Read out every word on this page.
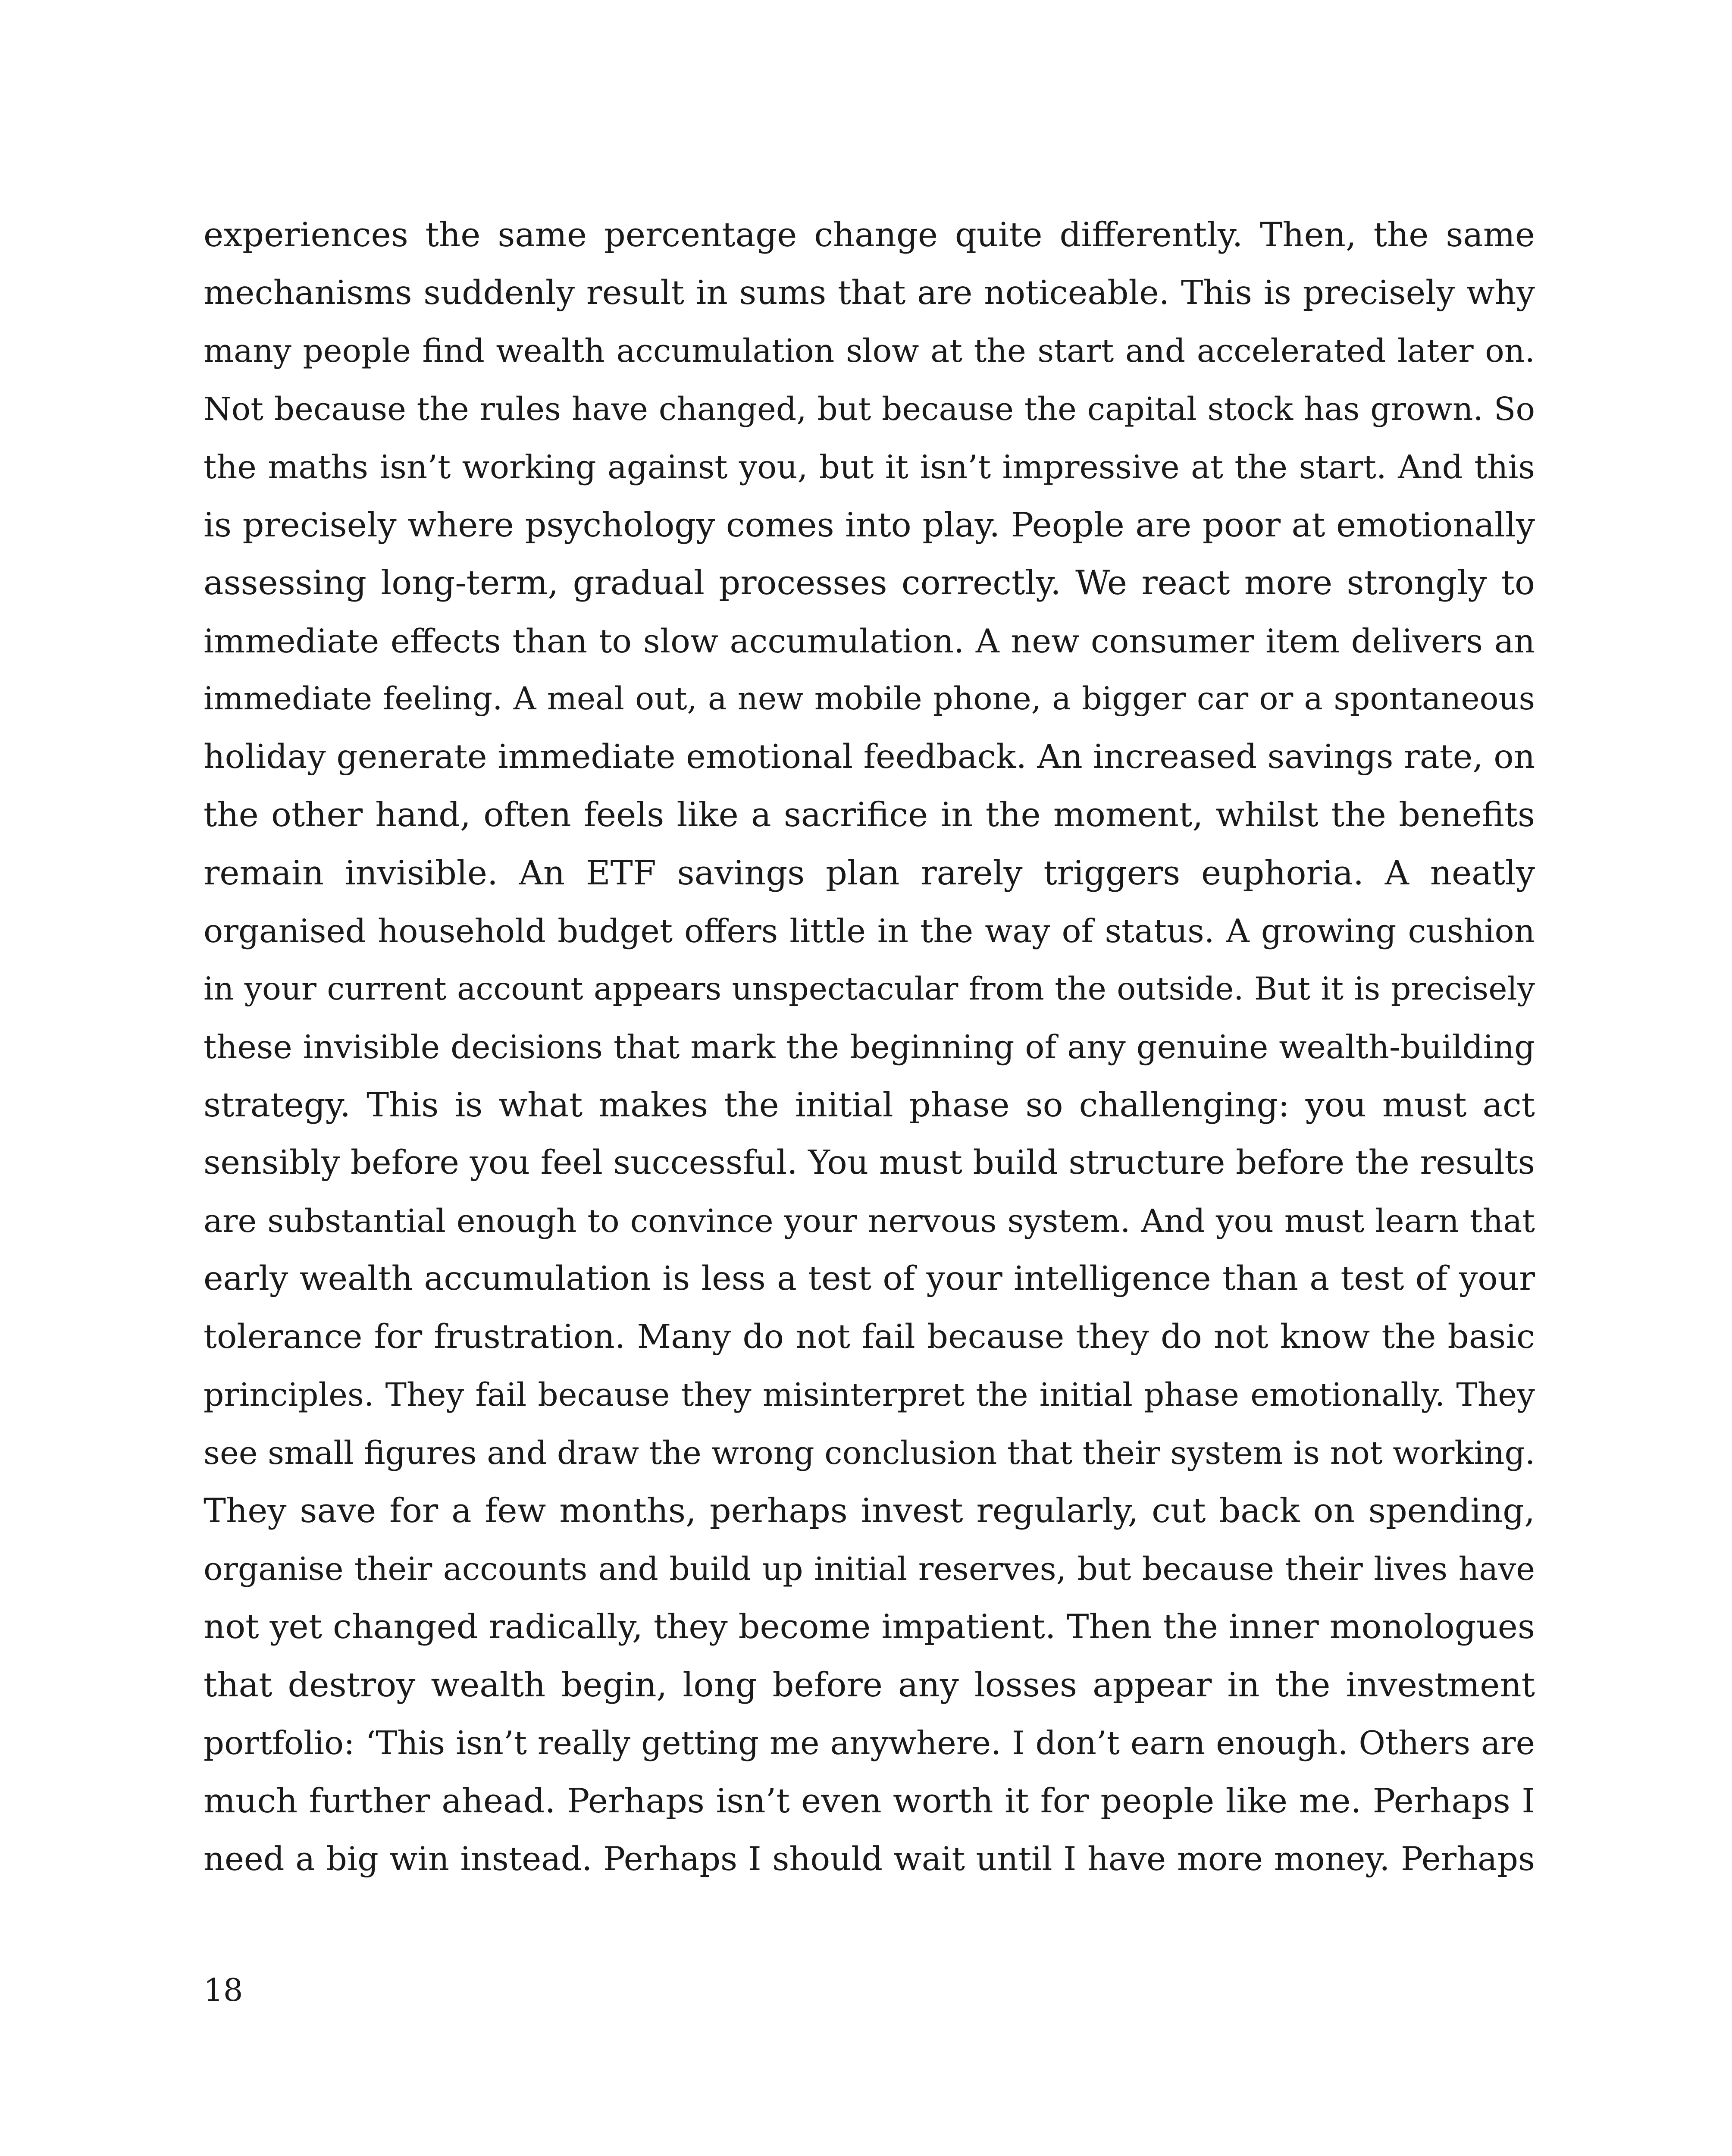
experiences the same percentage change quite differently. Then, the same
mechanisms suddenly result in sums that are noticeable. This is precisely why
many people find wealth accumulation slow at the start and accelerated later on.
Not because the rules have changed, but because the capital stock has grown. So
the maths isn’t working against you, but it isn’t impressive at the start. And this
is precisely where psychology comes into play. People are poor at emotionally
assessing long-term, gradual processes correctly. We react more strongly to
immediate effects than to slow accumulation. A new consumer item delivers an
immediate feeling. A meal out, a new mobile phone, a bigger car or a spontaneous
holiday generate immediate emotional feedback. An increased savings rate, on
the other hand, often feels like a sacrifice in the moment, whilst the benefits
remain invisible. An ETF savings plan rarely triggers euphoria. A neatly
organised household budget offers little in the way of status. A growing cushion
in your current account appears unspectacular from the outside. But it is precisely
these invisible decisions that mark the beginning of any genuine wealth-building
strategy. This is what makes the initial phase so challenging: you must act
sensibly before you feel successful. You must build structure before the results
are substantial enough to convince your nervous system. And you must learn that
early wealth accumulation is less a test of your intelligence than a test of your
tolerance for frustration. Many do not fail because they do not know the basic
principles. They fail because they misinterpret the initial phase emotionally. They
see small figures and draw the wrong conclusion that their system is not working.
They save for a few months, perhaps invest regularly, cut back on spending,
organise their accounts and build up initial reserves, but because their lives have
not yet changed radically, they become impatient. Then the inner monologues
that destroy wealth begin, long before any losses appear in the investment
portfolio: ‘This isn’t really getting me anywhere. I don’t earn enough. Others are
much further ahead. Perhaps isn’t even worth it for people like me. Perhaps I
need a big win instead. Perhaps I should wait until I have more money. Perhaps
18
